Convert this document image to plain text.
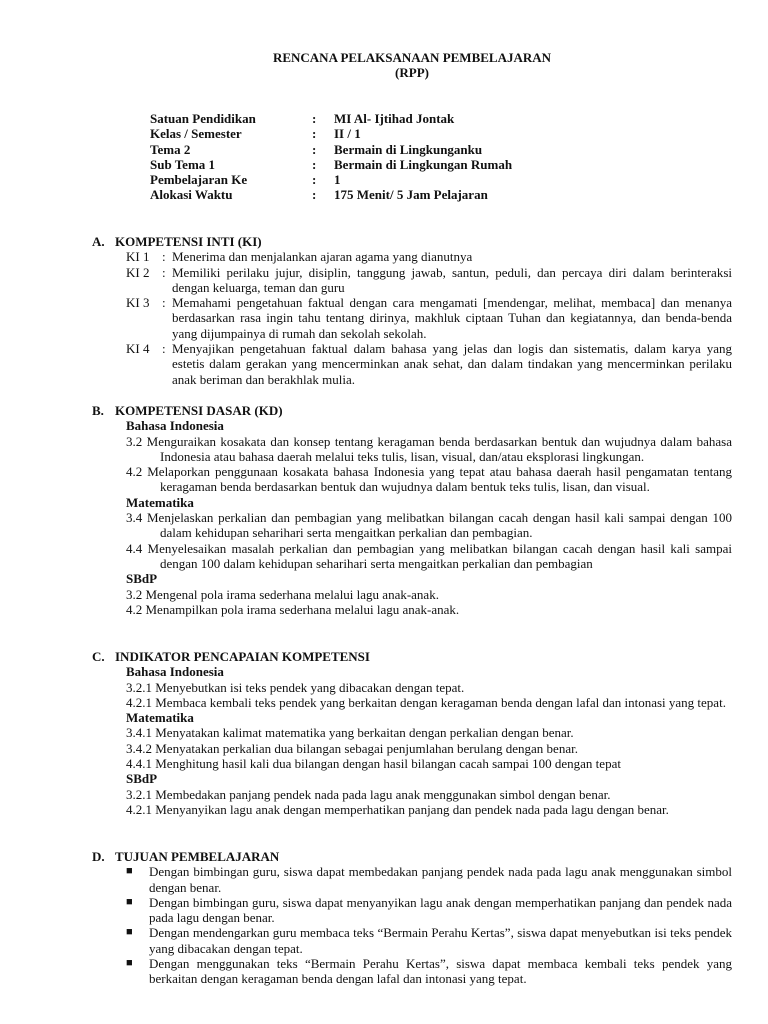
RENCANA PELAKSANAAN PEMBELAJARAN
(RPP)
Satuan Pendidikan	:	MI Al- Ijtihad Jontak
Kelas / Semester	:	II / 1
Tema 2	:	Bermain di Lingkunganku
Sub Tema 1	:	Bermain di Lingkungan Rumah
Pembelajaran Ke	:	1
Alokasi Waktu	:	175 Menit/ 5 Jam Pelajaran
A. KOMPETENSI INTI (KI)
KI 1 : Menerima dan menjalankan ajaran agama yang dianutnya
KI 2 : Memiliki perilaku jujur, disiplin, tanggung jawab, santun, peduli, dan percaya diri dalam berinteraksi dengan keluarga, teman dan guru
KI 3 : Memahami pengetahuan faktual dengan cara mengamati [mendengar, melihat, membaca] dan menanya berdasarkan rasa ingin tahu tentang dirinya, makhluk ciptaan Tuhan dan kegiatannya, dan benda-benda yang dijumpainya di rumah dan sekolah sekolah.
KI 4 : Menyajikan pengetahuan faktual dalam bahasa yang jelas dan logis dan sistematis, dalam karya yang estetis dalam gerakan yang mencerminkan anak sehat, dan dalam tindakan yang mencerminkan perilaku anak beriman dan berakhlak mulia.
B. KOMPETENSI DASAR (KD)
Bahasa Indonesia
3.2 Menguraikan kosakata dan konsep tentang keragaman benda berdasarkan bentuk dan wujudnya dalam bahasa Indonesia atau bahasa daerah melalui teks tulis, lisan, visual, dan/atau eksplorasi lingkungan.
4.2 Melaporkan penggunaan kosakata bahasa Indonesia yang tepat atau bahasa daerah hasil pengamatan tentang keragaman benda berdasarkan bentuk dan wujudnya dalam bentuk teks tulis, lisan, dan visual.
Matematika
3.4 Menjelaskan perkalian dan pembagian yang melibatkan bilangan cacah dengan hasil kali sampai dengan 100 dalam kehidupan seharihari serta mengaitkan perkalian dan pembagian.
4.4 Menyelesaikan masalah perkalian dan pembagian yang melibatkan bilangan cacah dengan hasil kali sampai dengan 100 dalam kehidupan seharihari serta mengaitkan perkalian dan pembagian
SBdP
3.2 Mengenal pola irama sederhana melalui lagu anak-anak.
4.2 Menampilkan pola irama sederhana melalui lagu anak-anak.
C. INDIKATOR PENCAPAIAN KOMPETENSI
Bahasa Indonesia
3.2.1 Menyebutkan isi teks pendek yang dibacakan dengan tepat.
4.2.1 Membaca kembali teks pendek yang berkaitan dengan keragaman benda dengan lafal dan intonasi yang tepat.
Matematika
3.4.1 Menyatakan kalimat matematika yang berkaitan dengan perkalian dengan benar.
3.4.2 Menyatakan perkalian dua bilangan sebagai penjumlahan berulang dengan benar.
4.4.1 Menghitung hasil kali dua bilangan dengan hasil bilangan cacah sampai 100 dengan tepat
SBdP
3.2.1 Membedakan panjang pendek nada pada lagu anak menggunakan simbol dengan benar.
4.2.1 Menyanyikan lagu anak dengan memperhatikan panjang dan pendek nada pada lagu dengan benar.
D. TUJUAN PEMBELAJARAN
■	Dengan bimbingan guru, siswa dapat membedakan panjang pendek nada pada lagu anak menggunakan simbol dengan benar.
■	Dengan bimbingan guru, siswa dapat menyanyikan lagu anak dengan memperhatikan panjang dan pendek nada pada lagu dengan benar.
■	Dengan mendengarkan guru membaca teks “Bermain Perahu Kertas”, siswa dapat menyebutkan isi teks pendek yang dibacakan dengan tepat.
■	Dengan menggunakan teks “Bermain Perahu Kertas”, siswa dapat membaca kembali teks pendek yang berkaitan dengan keragaman benda dengan lafal dan intonasi yang tepat.
